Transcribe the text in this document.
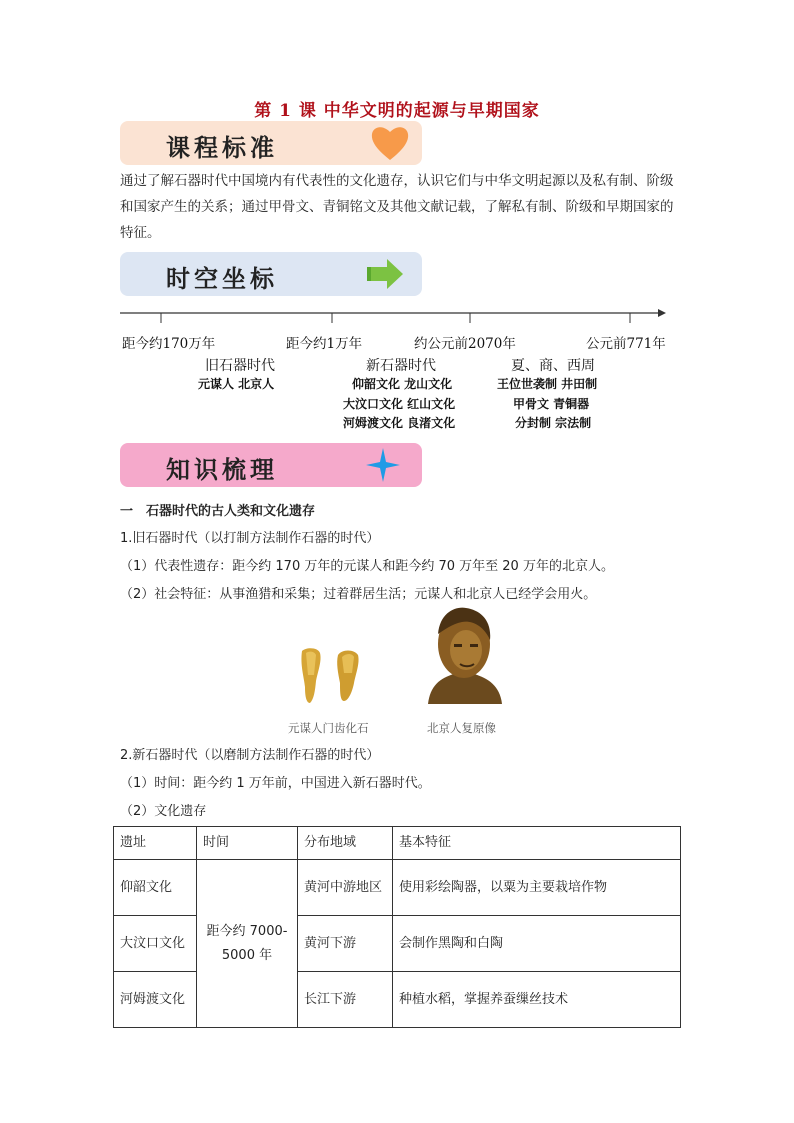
第 1 课 中华文明的起源与早期国家
课程标准
通过了解石器时代中国境内有代表性的文化遗存，认识它们与中华文明起源以及私有制、阶级和国家产生的关系；通过甲骨文、青铜铭文及其他文献记载，了解私有制、阶级和早期国家的特征。
时空坐标
距今约170万年	距今约1万年	约公元前2070年	公元前771年
旧石器时代
元谋人 北京人
新石器时代
仰韶文化 龙山文化
大汶口文化 红山文化
河姆渡文化 良渚文化
夏、商、西周
王位世袭制 井田制
甲骨文 青铜器
分封制 宗法制
知识梳理
一　石器时代的古人类和文化遗存
1.旧石器时代（以打制方法制作石器的时代）
（1）代表性遗存：距今约 170 万年的元谋人和距今约 70 万年至 20 万年的北京人。
（2）社会特征：从事渔猎和采集；过着群居生活；元谋人和北京人已经学会用火。
元谋人门齿化石	北京人复原像
2.新石器时代（以磨制方法制作石器的时代）
（1）时间：距今约 1 万年前，中国进入新石器时代。
（2）文化遗存
遗址	时间	分布地域	基本特征
仰韶文化	距今约 7000-5000 年	黄河中游地区	使用彩绘陶器，以粟为主要栽培作物
大汶口文化		黄河下游	会制作黑陶和白陶
河姆渡文化		长江下游	种植水稻，掌握养蚕缫丝技术
